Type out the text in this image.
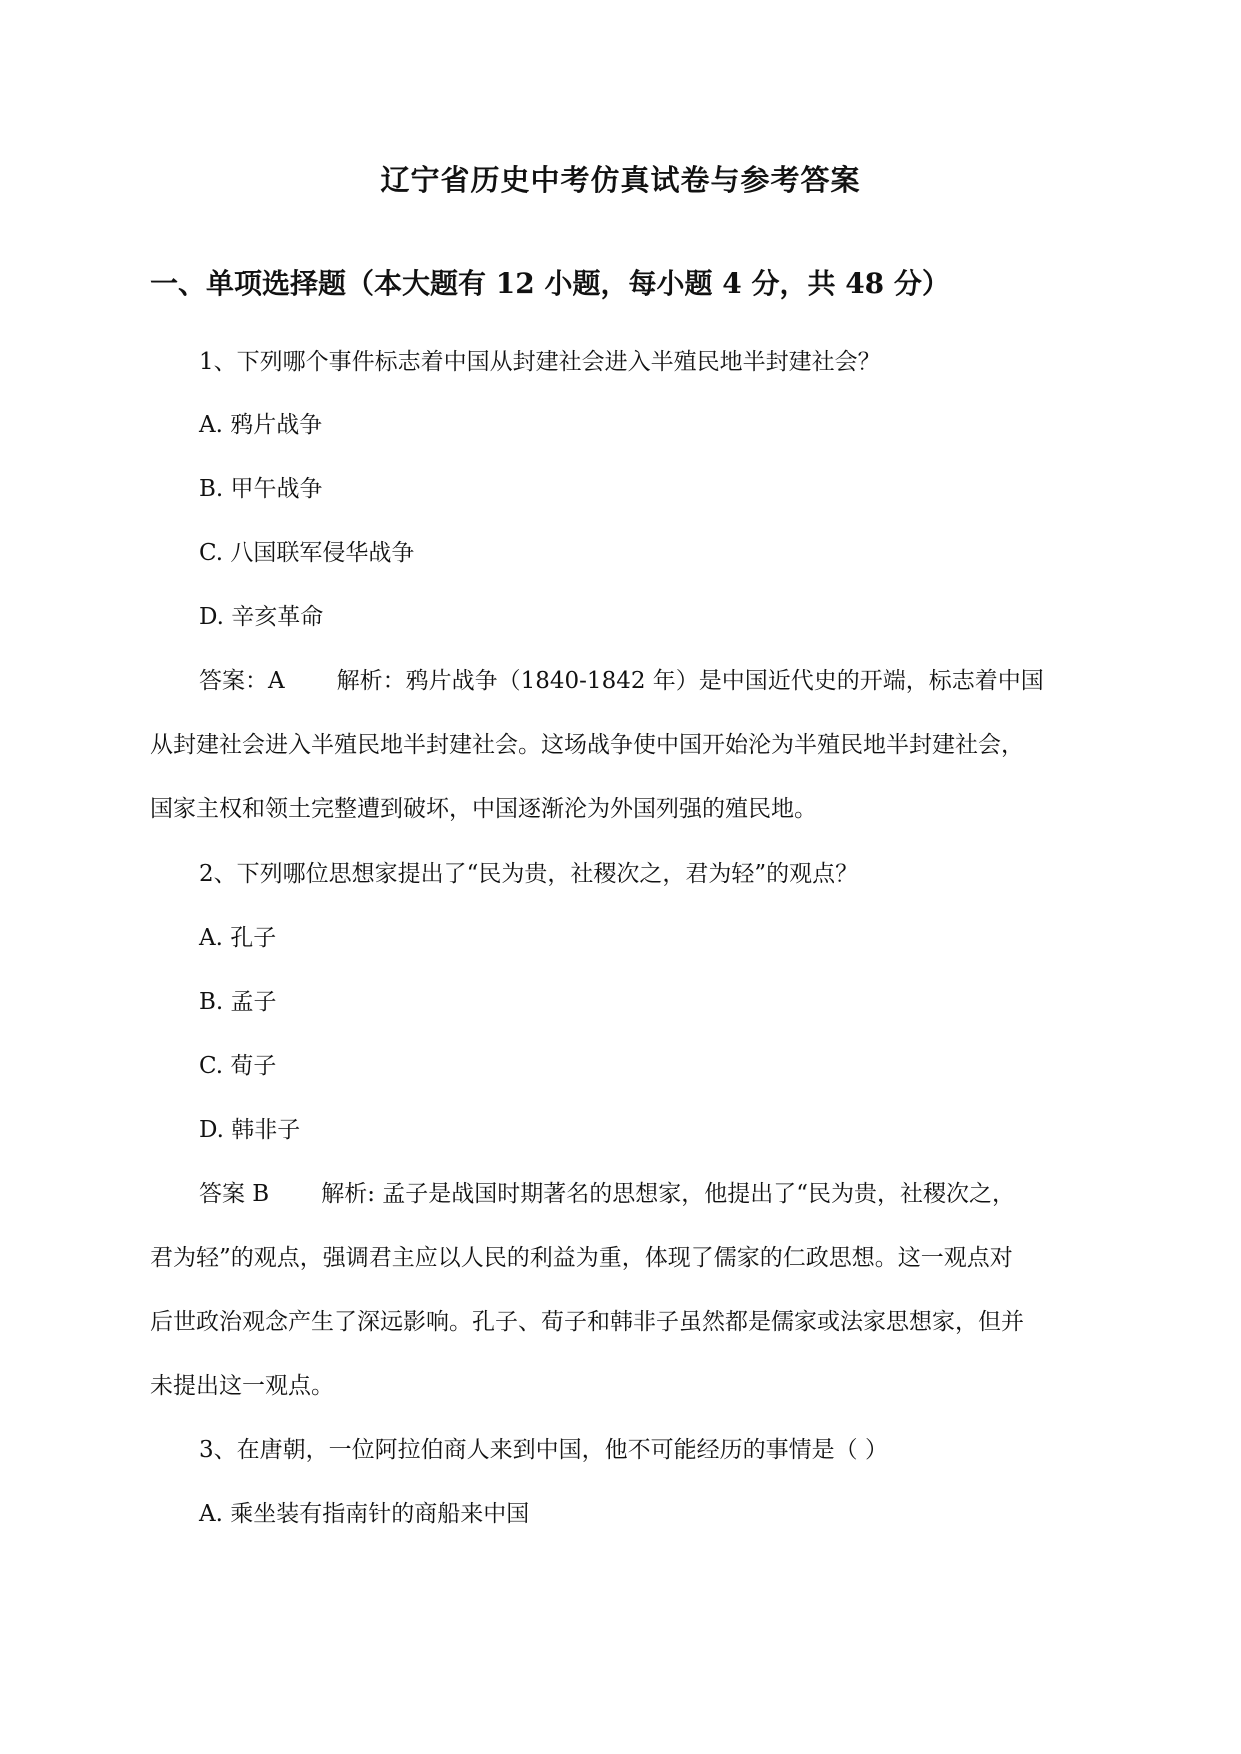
辽宁省历史中考仿真试卷与参考答案
一、单项选择题（本大题有 12 小题，每小题 4 分，共 48 分）
1、下列哪个事件标志着中国从封建社会进入半殖民地半封建社会？
A. 鸦片战争
B. 甲午战争
C. 八国联军侵华战争
D. 辛亥革命
答案：A 解析：鸦片战争（1840-1842 年）是中国近代史的开端，标志着中国
从封建社会进入半殖民地半封建社会。这场战争使中国开始沦为半殖民地半封建社会，
国家主权和领土完整遭到破坏，中国逐渐沦为外国列强的殖民地。
2、下列哪位思想家提出了“民为贵，社稷次之，君为轻”的观点？
A. 孔子
B. 孟子
C. 荀子
D. 韩非子
答案 B 解析: 孟子是战国时期著名的思想家，他提出了“民为贵，社稷次之，
君为轻”的观点，强调君主应以人民的利益为重，体现了儒家的仁政思想。这一观点对
后世政治观念产生了深远影响。孔子、荀子和韩非子虽然都是儒家或法家思想家，但并
未提出这一观点。
3、在唐朝，一位阿拉伯商人来到中国，他不可能经历的事情是（ ）
A. 乘坐装有指南针的商船来中国
